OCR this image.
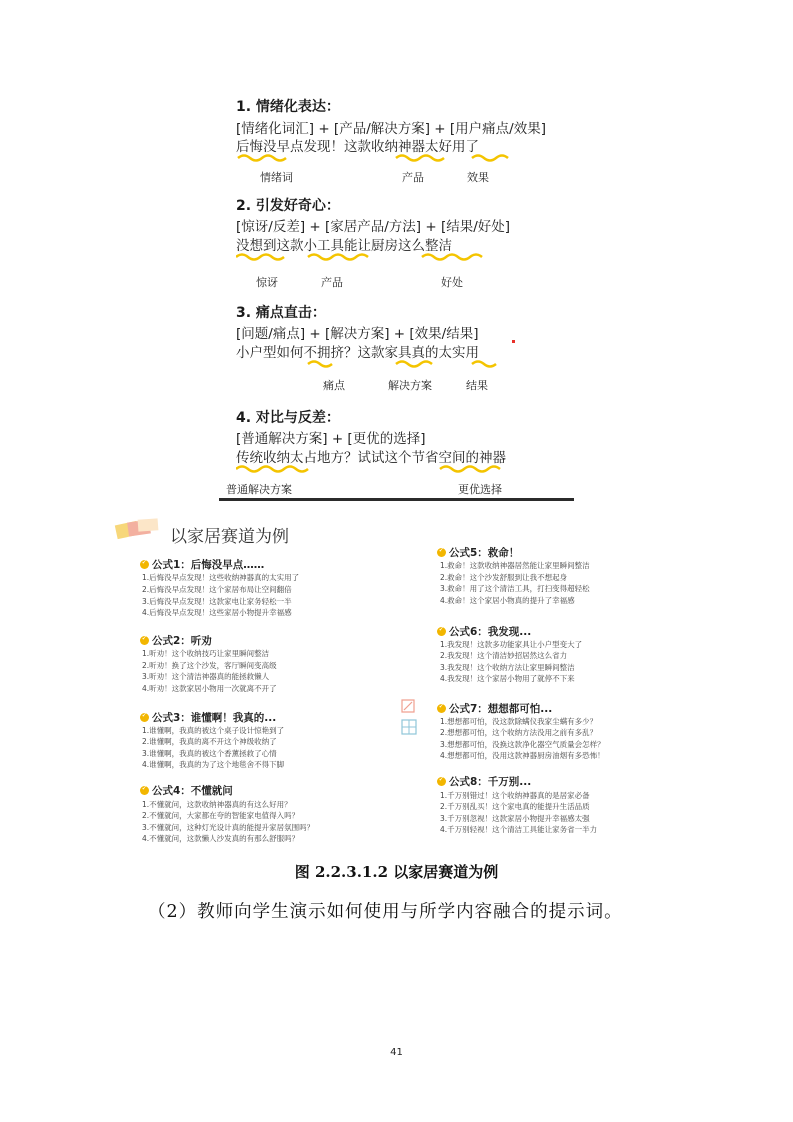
1. 情绪化表达：
[情绪化词汇] + [产品/解决方案] + [用户痛点/效果]
后悔没早点发现！这款收纳神器太好用了
情绪词	产品	效果
2. 引发好奇心：
[惊讶/反差] + [家居产品/方法] + [结果/好处]
没想到这款小工具能让厨房这么整洁
惊讶	产品	好处
3. 痛点直击：
[问题/痛点] + [解决方案] + [效果/结果]
小户型如何不拥挤？这款家具真的太实用
痛点	解决方案	结果
4. 对比与反差：
[普通解决方案] + [更优的选择]
传统收纳太占地方？试试这个节省空间的神器
普通解决方案	更优选择
以家居赛道为例
✓
公式1：后悔没早点……
1.后悔没早点发现！这些收纳神器真的太实用了
2.后悔没早点发现！这个家居布局让空间翻倍
3.后悔没早点发现！这款家电让家务轻松一半
4.后悔没早点发现！这些家居小物提升幸福感
✓
公式2：听劝
1.听劝！这个收纳技巧让家里瞬间整洁
2.听劝！换了这个沙发，客厅瞬间变高级
3.听劝！这个清洁神器真的能拯救懒人
4.听劝！这款家居小物用一次就离不开了
✓
公式3：谁懂啊！我真的...
1.谁懂啊，我真的被这个桌子设计惊艳到了
2.谁懂啊，我真的离不开这个神级收纳了
3.谁懂啊，我真的被这个香薰拯救了心情
4.谁懂啊，我真的为了这个地毯舍不得下脚
✓
公式4：不懂就问
1.不懂就问，这款收纳神器真的有这么好用？
2.不懂就问，大家都在夸的智能家电值得入吗？
3.不懂就问，这种灯光设计真的能提升家居氛围吗？
4.不懂就问，这款懒人沙发真的有那么舒服吗？
✓
公式5：救命！
1.救命！这款收纳神器居然能让家里瞬间整洁
2.救命！这个沙发舒服到让我不想起身
3.救命！用了这个清洁工具，打扫变得超轻松
4.救命！这个家居小物真的提升了幸福感
✓
公式6：我发现...
1.我发现！这款多功能家具让小户型变大了
2.我发现！这个清洁妙招居然这么省力
3.我发现！这个收纳方法让家里瞬间整洁
4.我发现！这个家居小物用了就停不下来
✓
公式7：想想都可怕...
1.想想都可怕，没这款除螨仪我家尘螨有多少？
2.想想都可怕，这个收纳方法没用之前有多乱？
3.想想都可怕，没换这款净化器空气质量会怎样？
4.想想都可怕，没用这款神器厨房油烟有多恐怖！
✓
公式8：千万别...
1.千万别错过！这个收纳神器真的是居家必备
2.千万别乱买！这个家电真的能提升生活品质
3.千万别忽视！这款家居小物提升幸福感太强
4.千万别轻视！这个清洁工具能让家务省一半力
图 2.2.3.1.2 以家居赛道为例
（2）教师向学生演示如何使用与所学内容融合的提示词。
41
